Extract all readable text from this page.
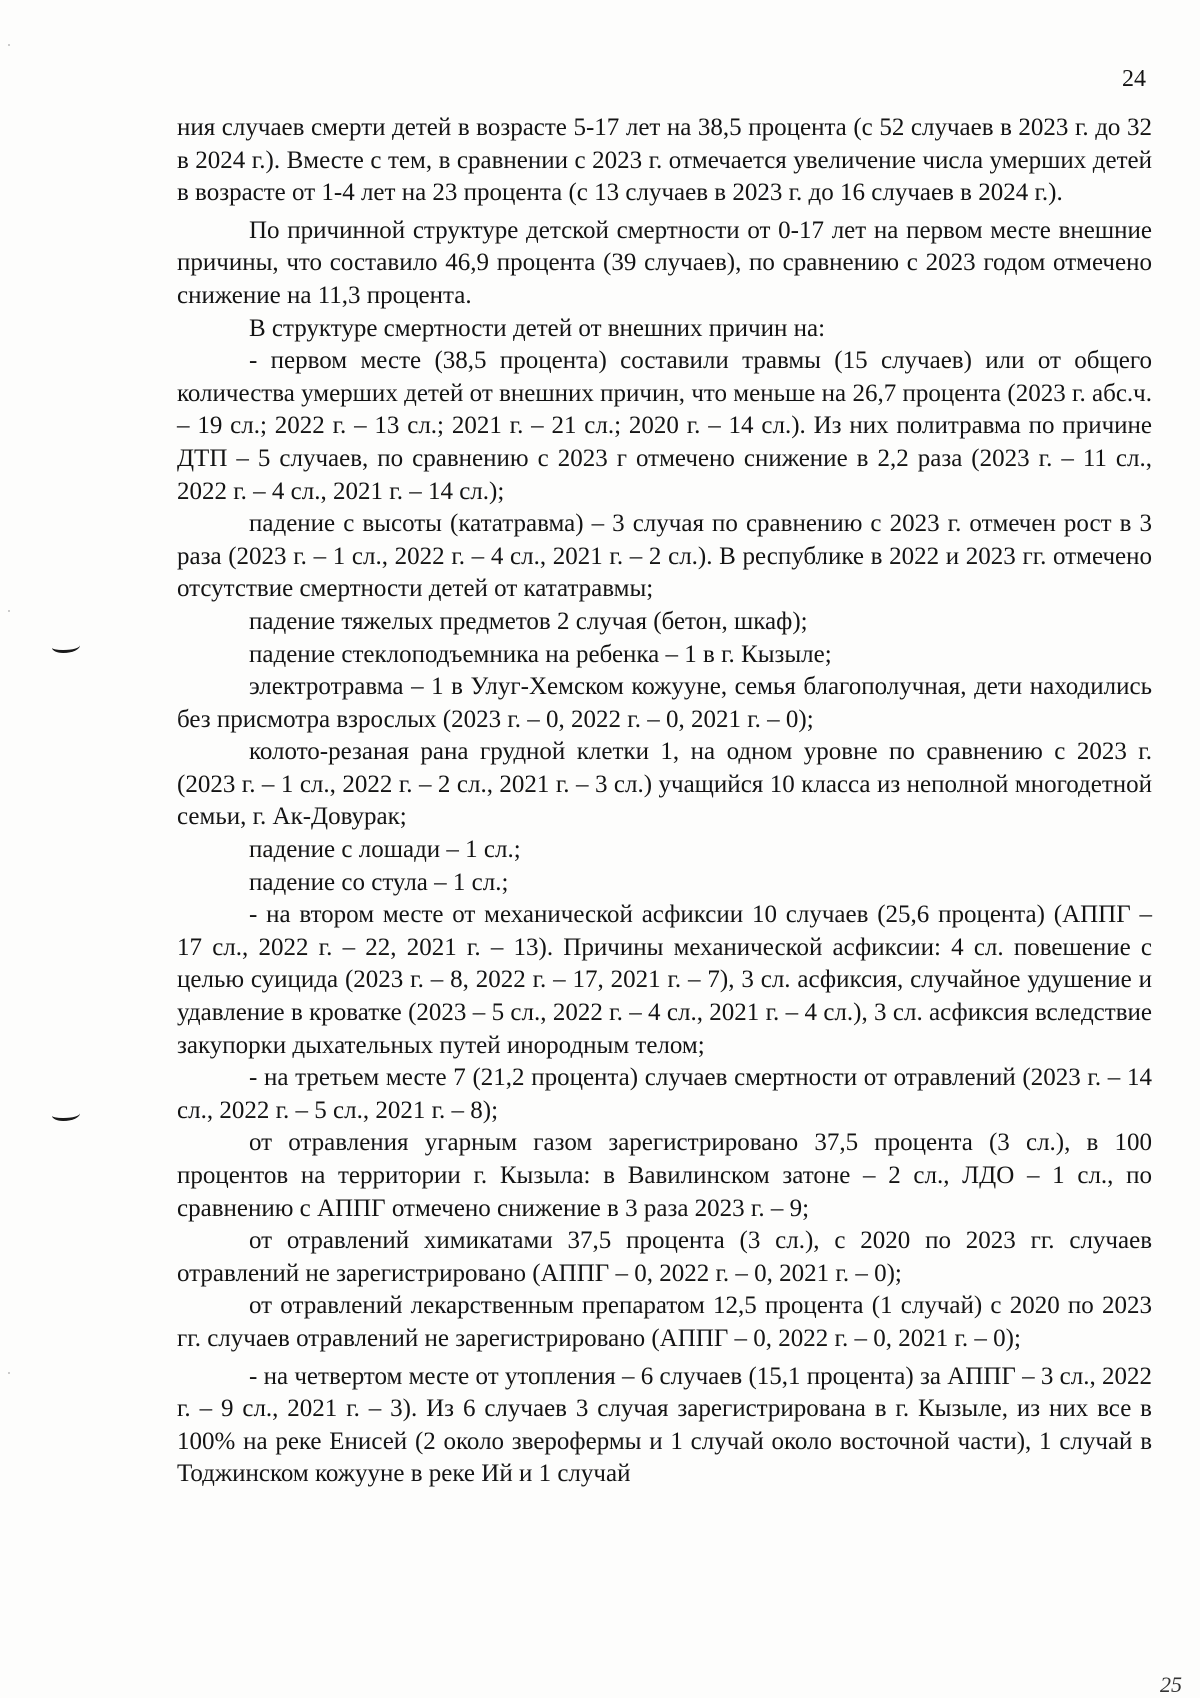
24

ния случаев смерти детей в возрасте 5-17 лет на 38,5 процента (с 52 случаев в 2023 г. до 32 в 2024 г.). Вместе с тем, в сравнении с 2023 г. отмечается увеличение числа умерших детей в возрасте от 1-4 лет на 23 процента (с 13 случаев в 2023 г. до 16 случаев в 2024 г.).

По причинной структуре детской смертности от 0-17 лет на первом месте внешние причины, что составило 46,9 процента (39 случаев), по сравнению с 2023 годом отмечено снижение на 11,3 процента.

В структуре смертности детей от внешних причин на:

- первом месте (38,5 процента) составили травмы (15 случаев) или от общего количества умерших детей от внешних причин, что меньше на 26,7 процента (2023 г. абс.ч. – 19 сл.; 2022 г. – 13 сл.; 2021 г. – 21 сл.; 2020 г. – 14 сл.). Из них политравма по причине ДТП – 5 случаев, по сравнению с 2023 г отмечено снижение в 2,2 раза (2023 г. – 11 сл., 2022 г. – 4 сл., 2021 г. – 14 сл.);

падение с высоты (кататравма) – 3 случая по сравнению с 2023 г. отмечен рост в 3 раза (2023 г. – 1 сл., 2022 г. – 4 сл., 2021 г. – 2 сл.). В республике в 2022 и 2023 гг. отмечено отсутствие смертности детей от кататравмы;

падение тяжелых предметов 2 случая (бетон, шкаф);

падение стеклоподъемника на ребенка – 1 в г. Кызыле;

электротравма – 1 в Улуг-Хемском кожууне, семья благополучная, дети находились без присмотра взрослых (2023 г. – 0, 2022 г. – 0, 2021 г. – 0);

колото-резаная рана грудной клетки 1, на одном уровне по сравнению с 2023 г. (2023 г. – 1 сл., 2022 г. – 2 сл., 2021 г. – 3 сл.) учащийся 10 класса из неполной многодетной семьи, г. Ак-Довурак;

падение с лошади – 1 сл.;

падение со стула – 1 сл.;

- на втором месте от механической асфиксии 10 случаев (25,6 процента) (АППГ – 17 сл., 2022 г. – 22, 2021 г. – 13). Причины механической асфиксии: 4 сл. повешение с целью суицида (2023 г. – 8, 2022 г. – 17, 2021 г. – 7), 3 сл. асфиксия, случайное удушение и удавление в кроватке (2023 – 5 сл., 2022 г. – 4 сл., 2021 г. – 4 сл.), 3 сл. асфиксия вследствие закупорки дыхательных путей инородным телом;

- на третьем месте 7 (21,2 процента) случаев смертности от отравлений (2023 г. – 14 сл., 2022 г. – 5 сл., 2021 г. – 8);

от отравления угарным газом зарегистрировано 37,5 процента (3 сл.), в 100 процентов на территории г. Кызыла: в Вавилинском затоне – 2 сл., ЛДО – 1 сл., по сравнению с АППГ отмечено снижение в 3 раза 2023 г. – 9;

от отравлений химикатами 37,5 процента (3 сл.), с 2020 по 2023 гг. случаев отравлений не зарегистрировано (АППГ – 0, 2022 г. – 0, 2021 г. – 0);

от отравлений лекарственным препаратом 12,5 процента (1 случай) с 2020 по 2023 гг. случаев отравлений не зарегистрировано (АППГ – 0, 2022 г. – 0, 2021 г. – 0);

- на четвертом месте от утопления – 6 случаев (15,1 процента) за АППГ – 3 сл., 2022 г. – 9 сл., 2021 г. – 3). Из 6 случаев 3 случая зарегистрирована в г. Кызыле, из них все в 100% на реке Енисей (2 около зверофермы и 1 случай около восточной части), 1 случай в Тоджинском кожууне в реке Ий и 1 случай

25
